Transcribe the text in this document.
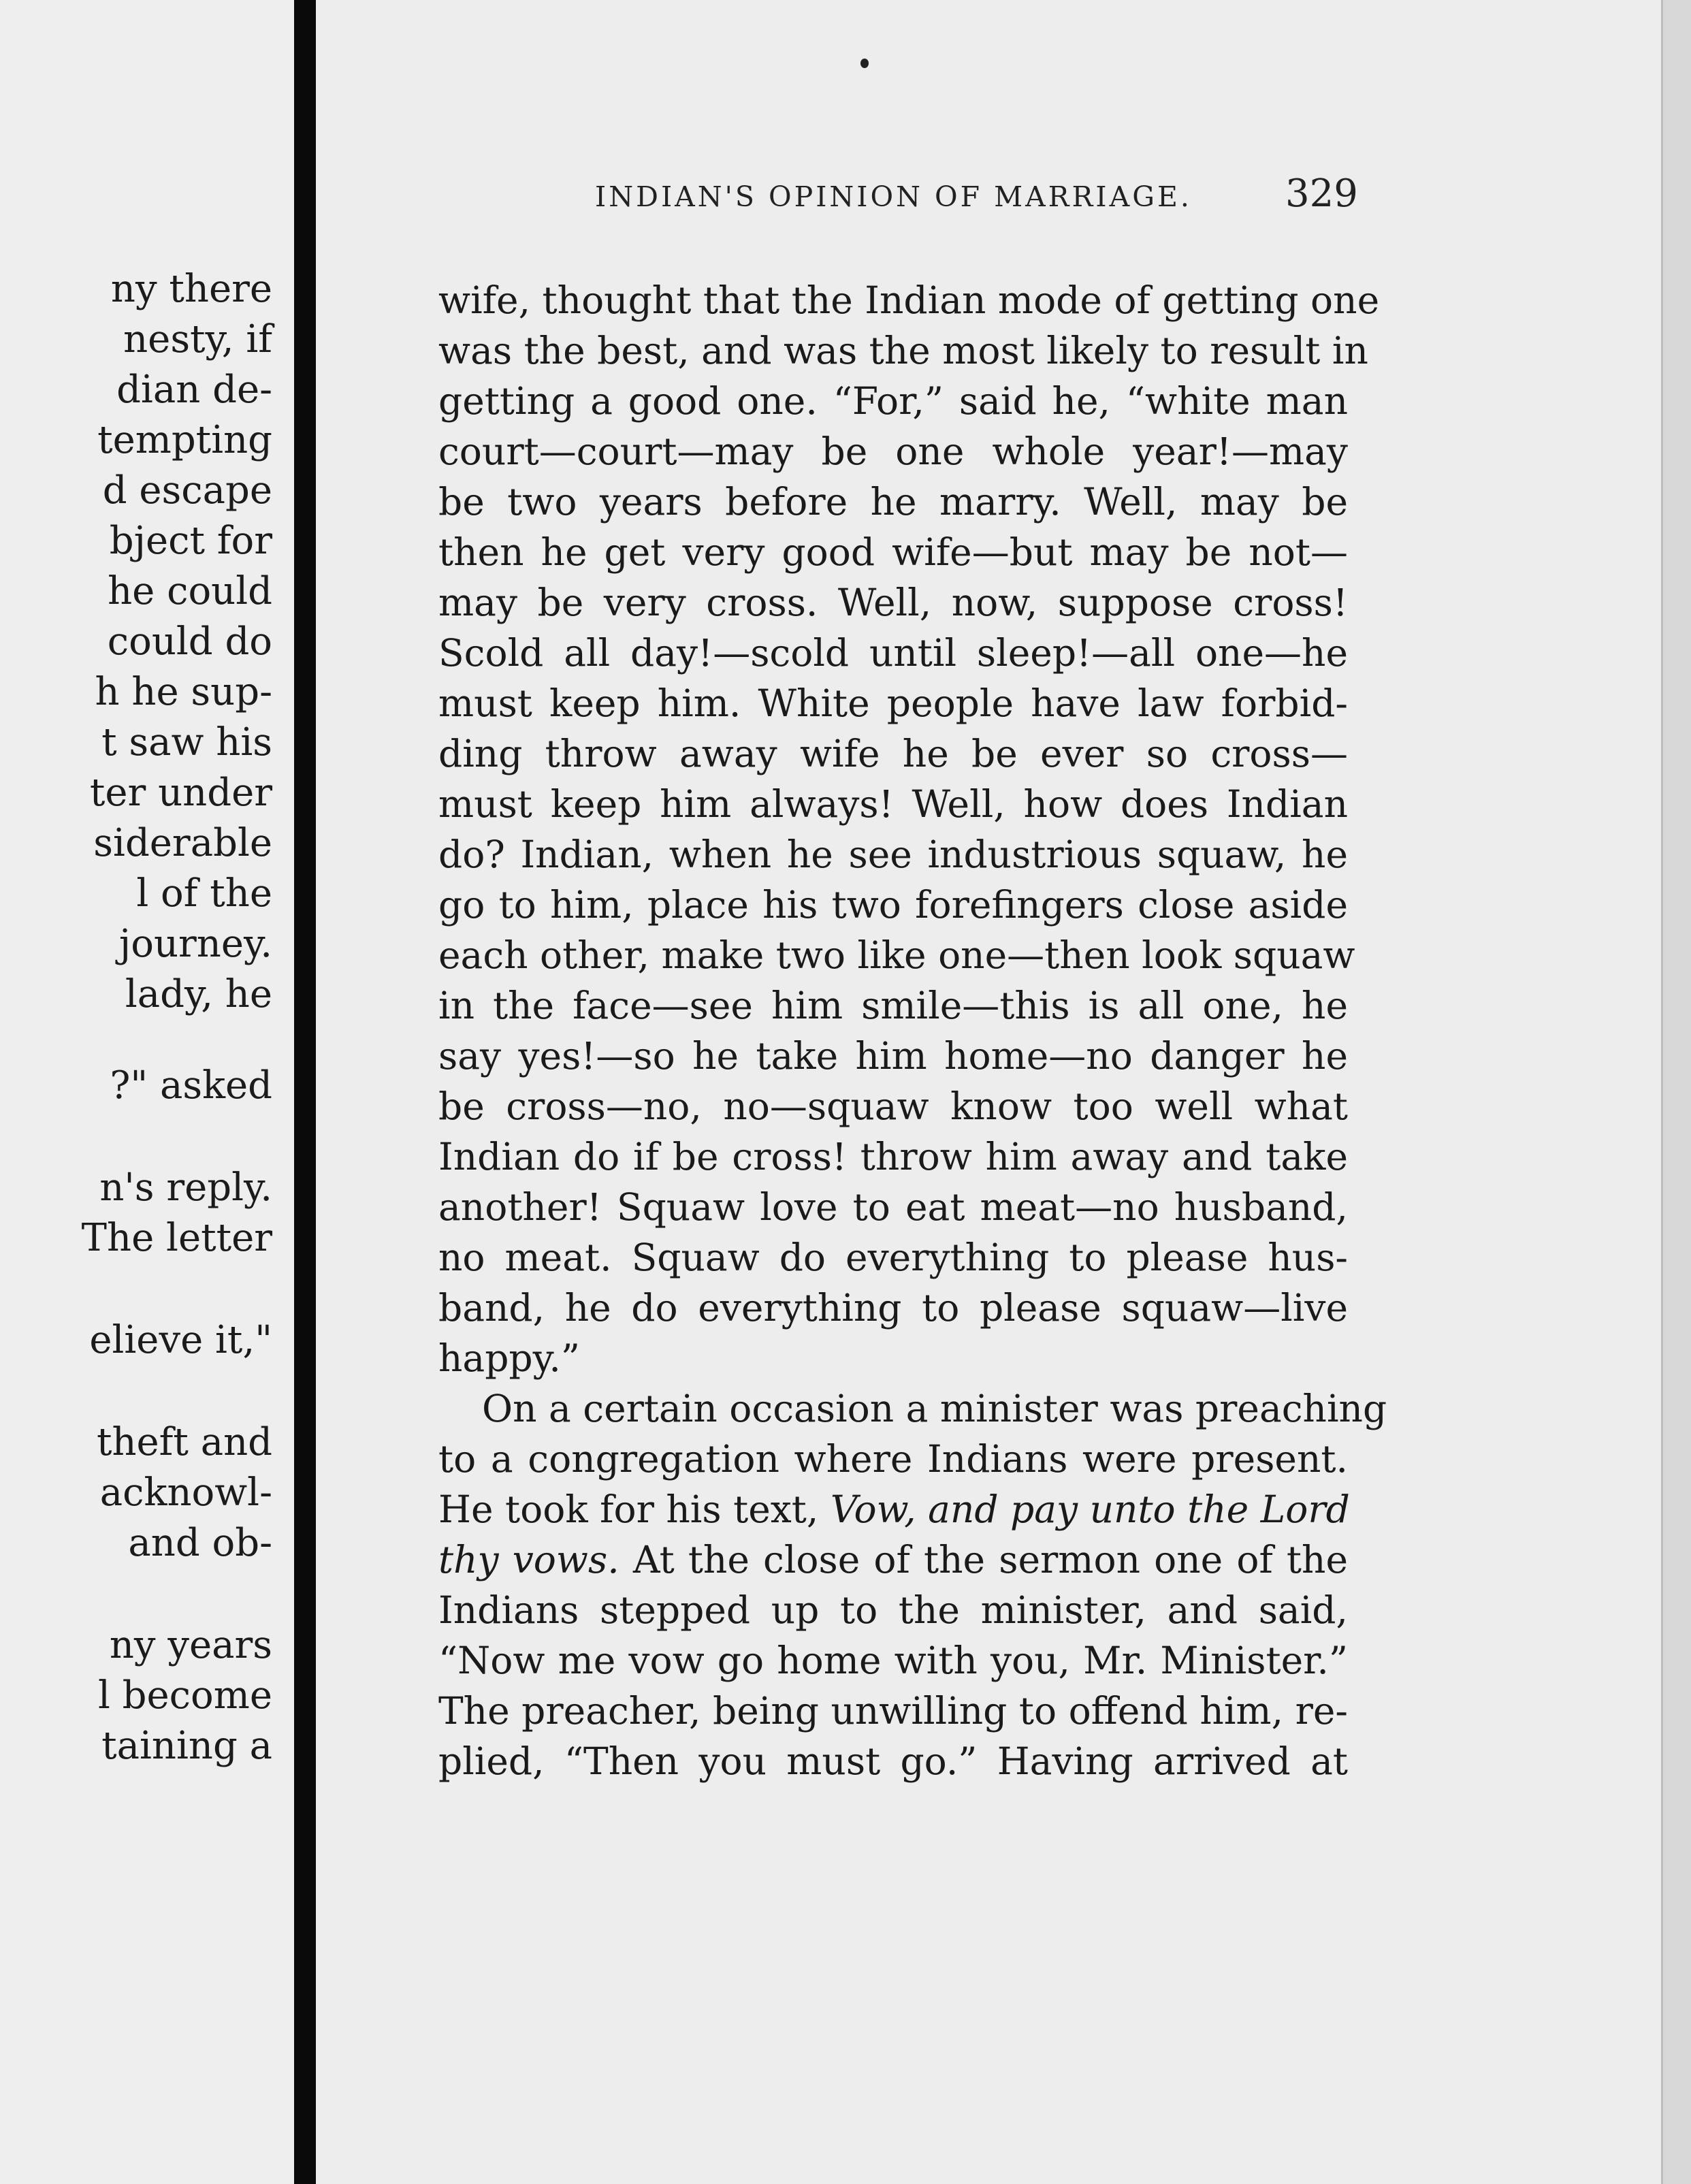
ny there

nesty, if

dian de-

tempting

d escape

bject for

he could

could do

h he sup-

t saw his

ter under

siderable

l of the

journey.

lady, he

?" asked

n's reply.

The letter

elieve it,"

theft and

acknowl-

and ob-

ny years

l become

taining a

INDIAN'S OPINION OF MARRIAGE. 329

wife, thought that the Indian mode of getting one
was the best, and was the most likely to result in
getting a good one. “For,” said he, “white man
court—court—may be one whole year!—may
be two years before he marry. Well, may be
then he get very good wife—but may be not—
may be very cross. Well, now, suppose cross!
Scold all day!—scold until sleep!—all one—he
must keep him. White people have law forbid-
ding throw away wife he be ever so cross—
must keep him always! Well, how does Indian
do? Indian, when he see industrious squaw, he
go to him, place his two forefingers close aside
each other, make two like one—then look squaw
in the face—see him smile—this is all one, he
say yes!—so he take him home—no danger he
be cross—no, no—squaw know too well what
Indian do if be cross! throw him away and take
another! Squaw love to eat meat—no husband,
no meat. Squaw do everything to please hus-
band, he do everything to please squaw—live
happy.”
On a certain occasion a minister was preaching
to a congregation where Indians were present.
He took for his text, Vow, and pay unto the Lord
thy vows. At the close of the sermon one of the
Indians stepped up to the minister, and said,
“Now me vow go home with you, Mr. Minister.”
The preacher, being unwilling to offend him, re-
plied, “Then you must go.” Having arrived at
